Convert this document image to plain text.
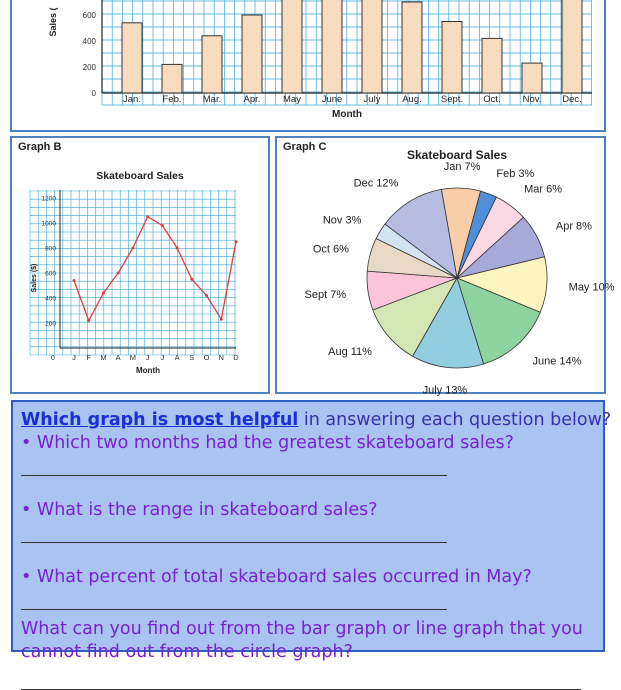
0
200
400
600
Jan. Feb. Mar. Apr. May June July Aug. Sept. Oct. Nov. Dec.
Month
Sales (
Graph B
Skateboard Sales
200
400
600
800
1000
1200
0 J F M A M J J A S O N D
Month
Sales ($)
Graph C
Skateboard Sales
Jan 7%
Feb 3%
Mar 6%
Apr 8%
May 10%
June 14%
July 13%
Aug 11%
Sept 7%
Oct 6%
Nov 3%
Dec 12%

Which graph is most helpful in answering each question below?

• Which two months had the greatest skateboard sales?

• What is the range in skateboard sales?

• What percent of total skateboard sales occurred in May?

What can you find out from the bar graph or line graph that you cannot find out from the circle graph?
